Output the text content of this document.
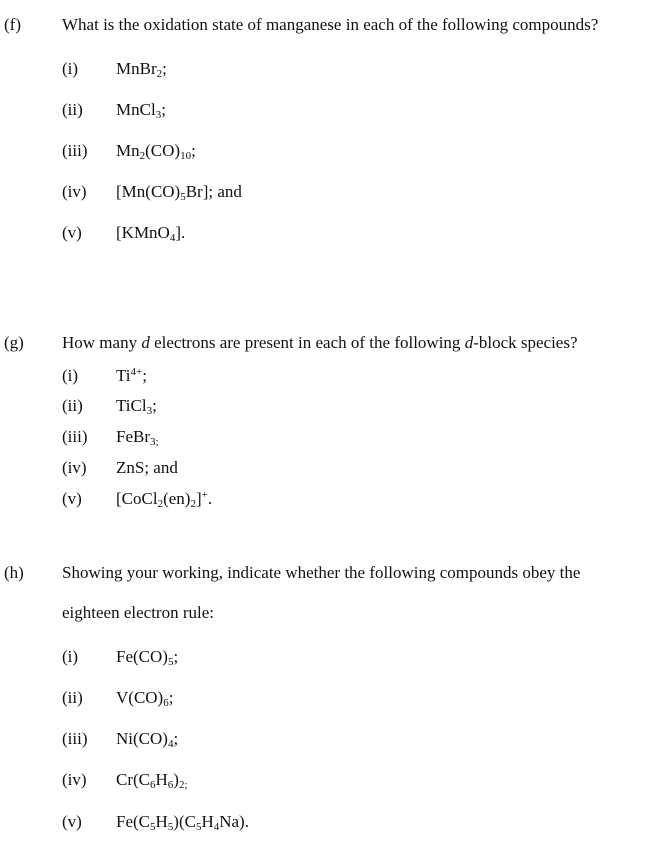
(f) What is the oxidation state of manganese in each of the following compounds?
(i) MnBr$_2$;
(ii) MnCl$_3$;
(iii) $Mn_2(CO)_{10}$;
(iv) $[Mn(CO)_5Br]$; and
(v) [KMnO$_4$].
(g) How many d electrons are present in each of the following d-block species?
(i) $Ti^{4+}$;
(ii) TiCl$_3$;
(iii) FeBr$_{3;}$
(iv) ZnS; and
(v) $[CoCl_2(en)_2]^+$.
(h) Showing your working, indicate whether the following compounds obey the
eighteen electron rule:
(i) $Fe(CO)_5$;
(ii) $V(CO)_6$;
(iii) $Ni(CO)_4$;
(iv) $Cr(C_6H_6)_{2;}$
(v) $Fe(C_5H_5)(C_5H_4Na)$.
